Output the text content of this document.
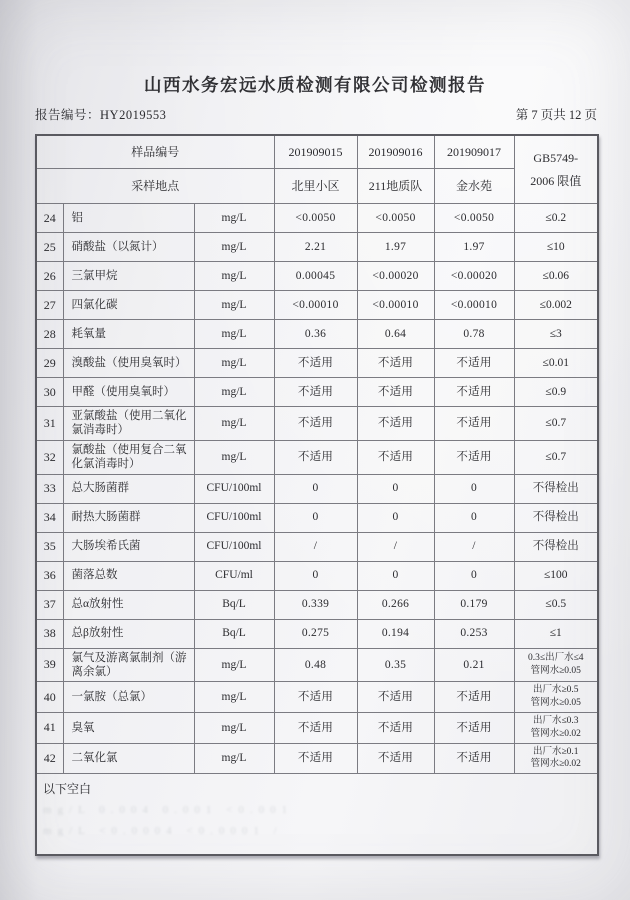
山西水务宏远水质检测有限公司检测报告
报告编号：HY2019553	第 7 页共 12 页
样品编号			201909015	201909016	201909017	GB5749-
2006 限值

采样地点			北里小区	211地质队	金水苑	
24	铝	mg/L	<0.0050	<0.0050	<0.0050	≤0.2

25	硝酸盐（以氮计）	mg/L	2.21	1.97	1.97	≤10

26	三氯甲烷	mg/L	0.00045	<0.00020	<0.00020	≤0.06

27	四氯化碳	mg/L	<0.00010	<0.00010	<0.00010	≤0.002

28	耗氧量	mg/L	0.36	0.64	0.78	≤3

29	溴酸盐（使用臭氧时）	mg/L	不适用	不适用	不适用	≤0.01

30	甲醛（使用臭氧时）	mg/L	不适用	不适用	不适用	≤0.9

31	亚氯酸盐（使用二氧化氯消毒时）	mg/L	不适用	不适用	不适用	≤0.7

32	氯酸盐（使用复合二氧化氯消毒时）	mg/L	不适用	不适用	不适用	≤0.7

33	总大肠菌群	CFU/100ml	0	0	0	不得检出

34	耐热大肠菌群	CFU/100ml	0	0	0	不得检出

35	大肠埃希氏菌	CFU/100ml	/	/	/	不得检出

36	菌落总数	CFU/ml	0	0	0	≤100

37	总α放射性	Bq/L	0.339	0.266	0.179	≤0.5

38	总β放射性	Bq/L	0.275	0.194	0.253	≤1

39	氯气及游离氯制剂（游离余氯）	mg/L	0.48	0.35	0.21	0.3≤出厂水≤4
管网水≥0.05

40	一氯胺（总氯）	mg/L	不适用	不适用	不适用	出厂水≥0.5
管网水≥0.05

41	臭氧	mg/L	不适用	不适用	不适用	出厂水≤0.3
管网水≥0.02

42	二氧化氯	mg/L	不适用	不适用	不适用	出厂水≥0.1
管网水≥0.02

以下空白
mg/L 0.004 0.001 <0.001
mg/L <0.0004 <0.0001 /						
